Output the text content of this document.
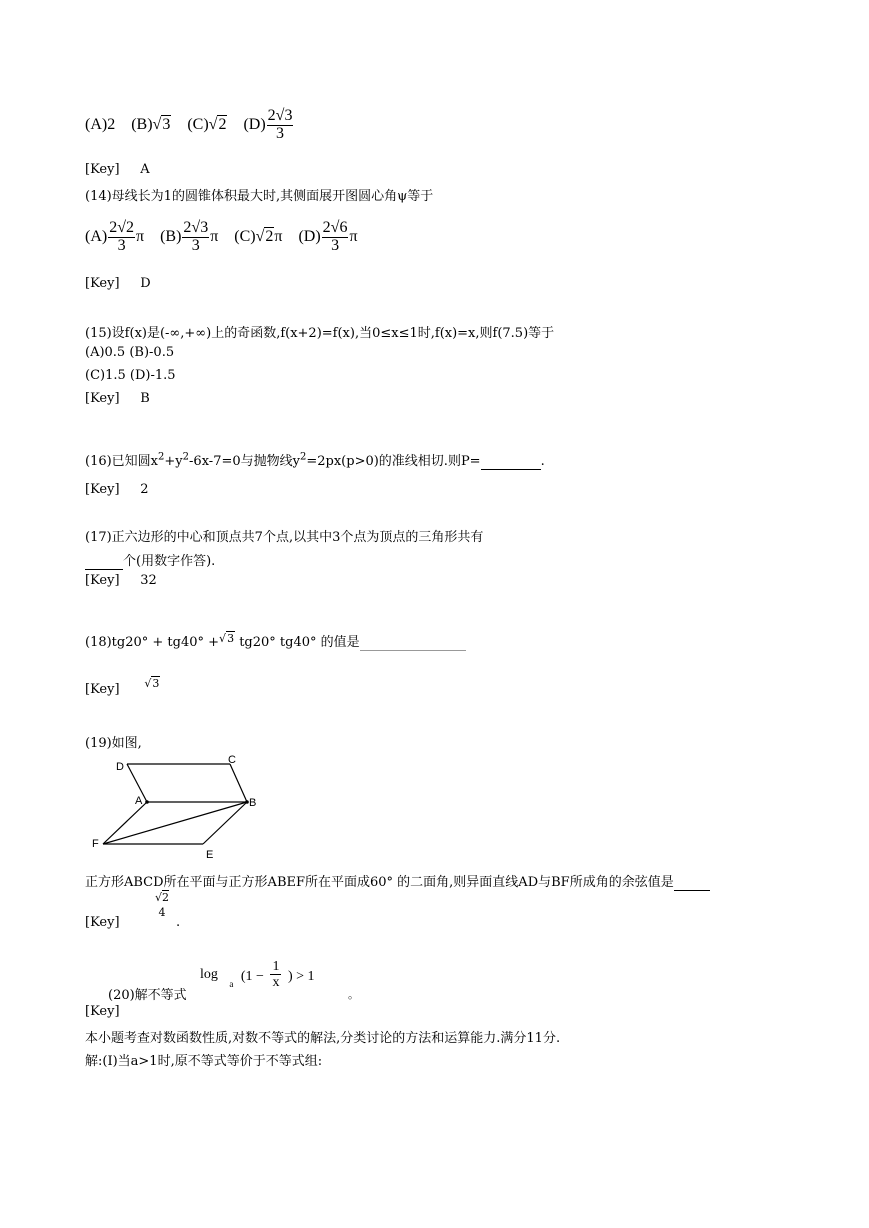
(A)2 (B)√3 (C)√2 $(D) \frac{2√3}{3}$
[Key] A
(14)母线长为1的圆锥体积最大时,其侧面展开图圆心角ψ等于
$(A) \frac{2√2}{3}$ π $(B) \frac{2√3}{3}$ π (C)√2π $(D) \frac{2√6}{3}$ π
[Key] D
(15)设f(x)是(-∞,+∞)上的奇函数,f(x+2)=f(x),当0≤x≤1时,f(x)=x,则f(7.5)等于
(A)0.5 (B)-0.5
(C)1.5 (D)-1.5
[Key] B
(16)已知圆$x^2+y^2-6x-7=0$与抛物线$y^2=2px(p>0)$的准线相切.则P=	.
[Key] 2
(17)正六边形的中心和顶点共7个点,以其中3个点为顶点的三角形共有
个(用数字作答).
[Key] 32
(18)tg20° + tg40° +√3 tg20° tg40° 的值是
[Key] √3
(19)如图,
D
C
A	B
F
E
正方形ABCD所在平面与正方形ABEF所在平面成60° 的二面角,则异面直线AD与BF所成角的余弦值是
[Key]
√2
4
.
(20)解不等式
log a ($1 - \frac{1}{x}$ ) > 1
。
[Key]
本小题考查对数函数性质,对数不等式的解法,分类讨论的方法和运算能力.满分11分.
解:(Ⅰ)当a>1时,原不等式等价于不等式组:
